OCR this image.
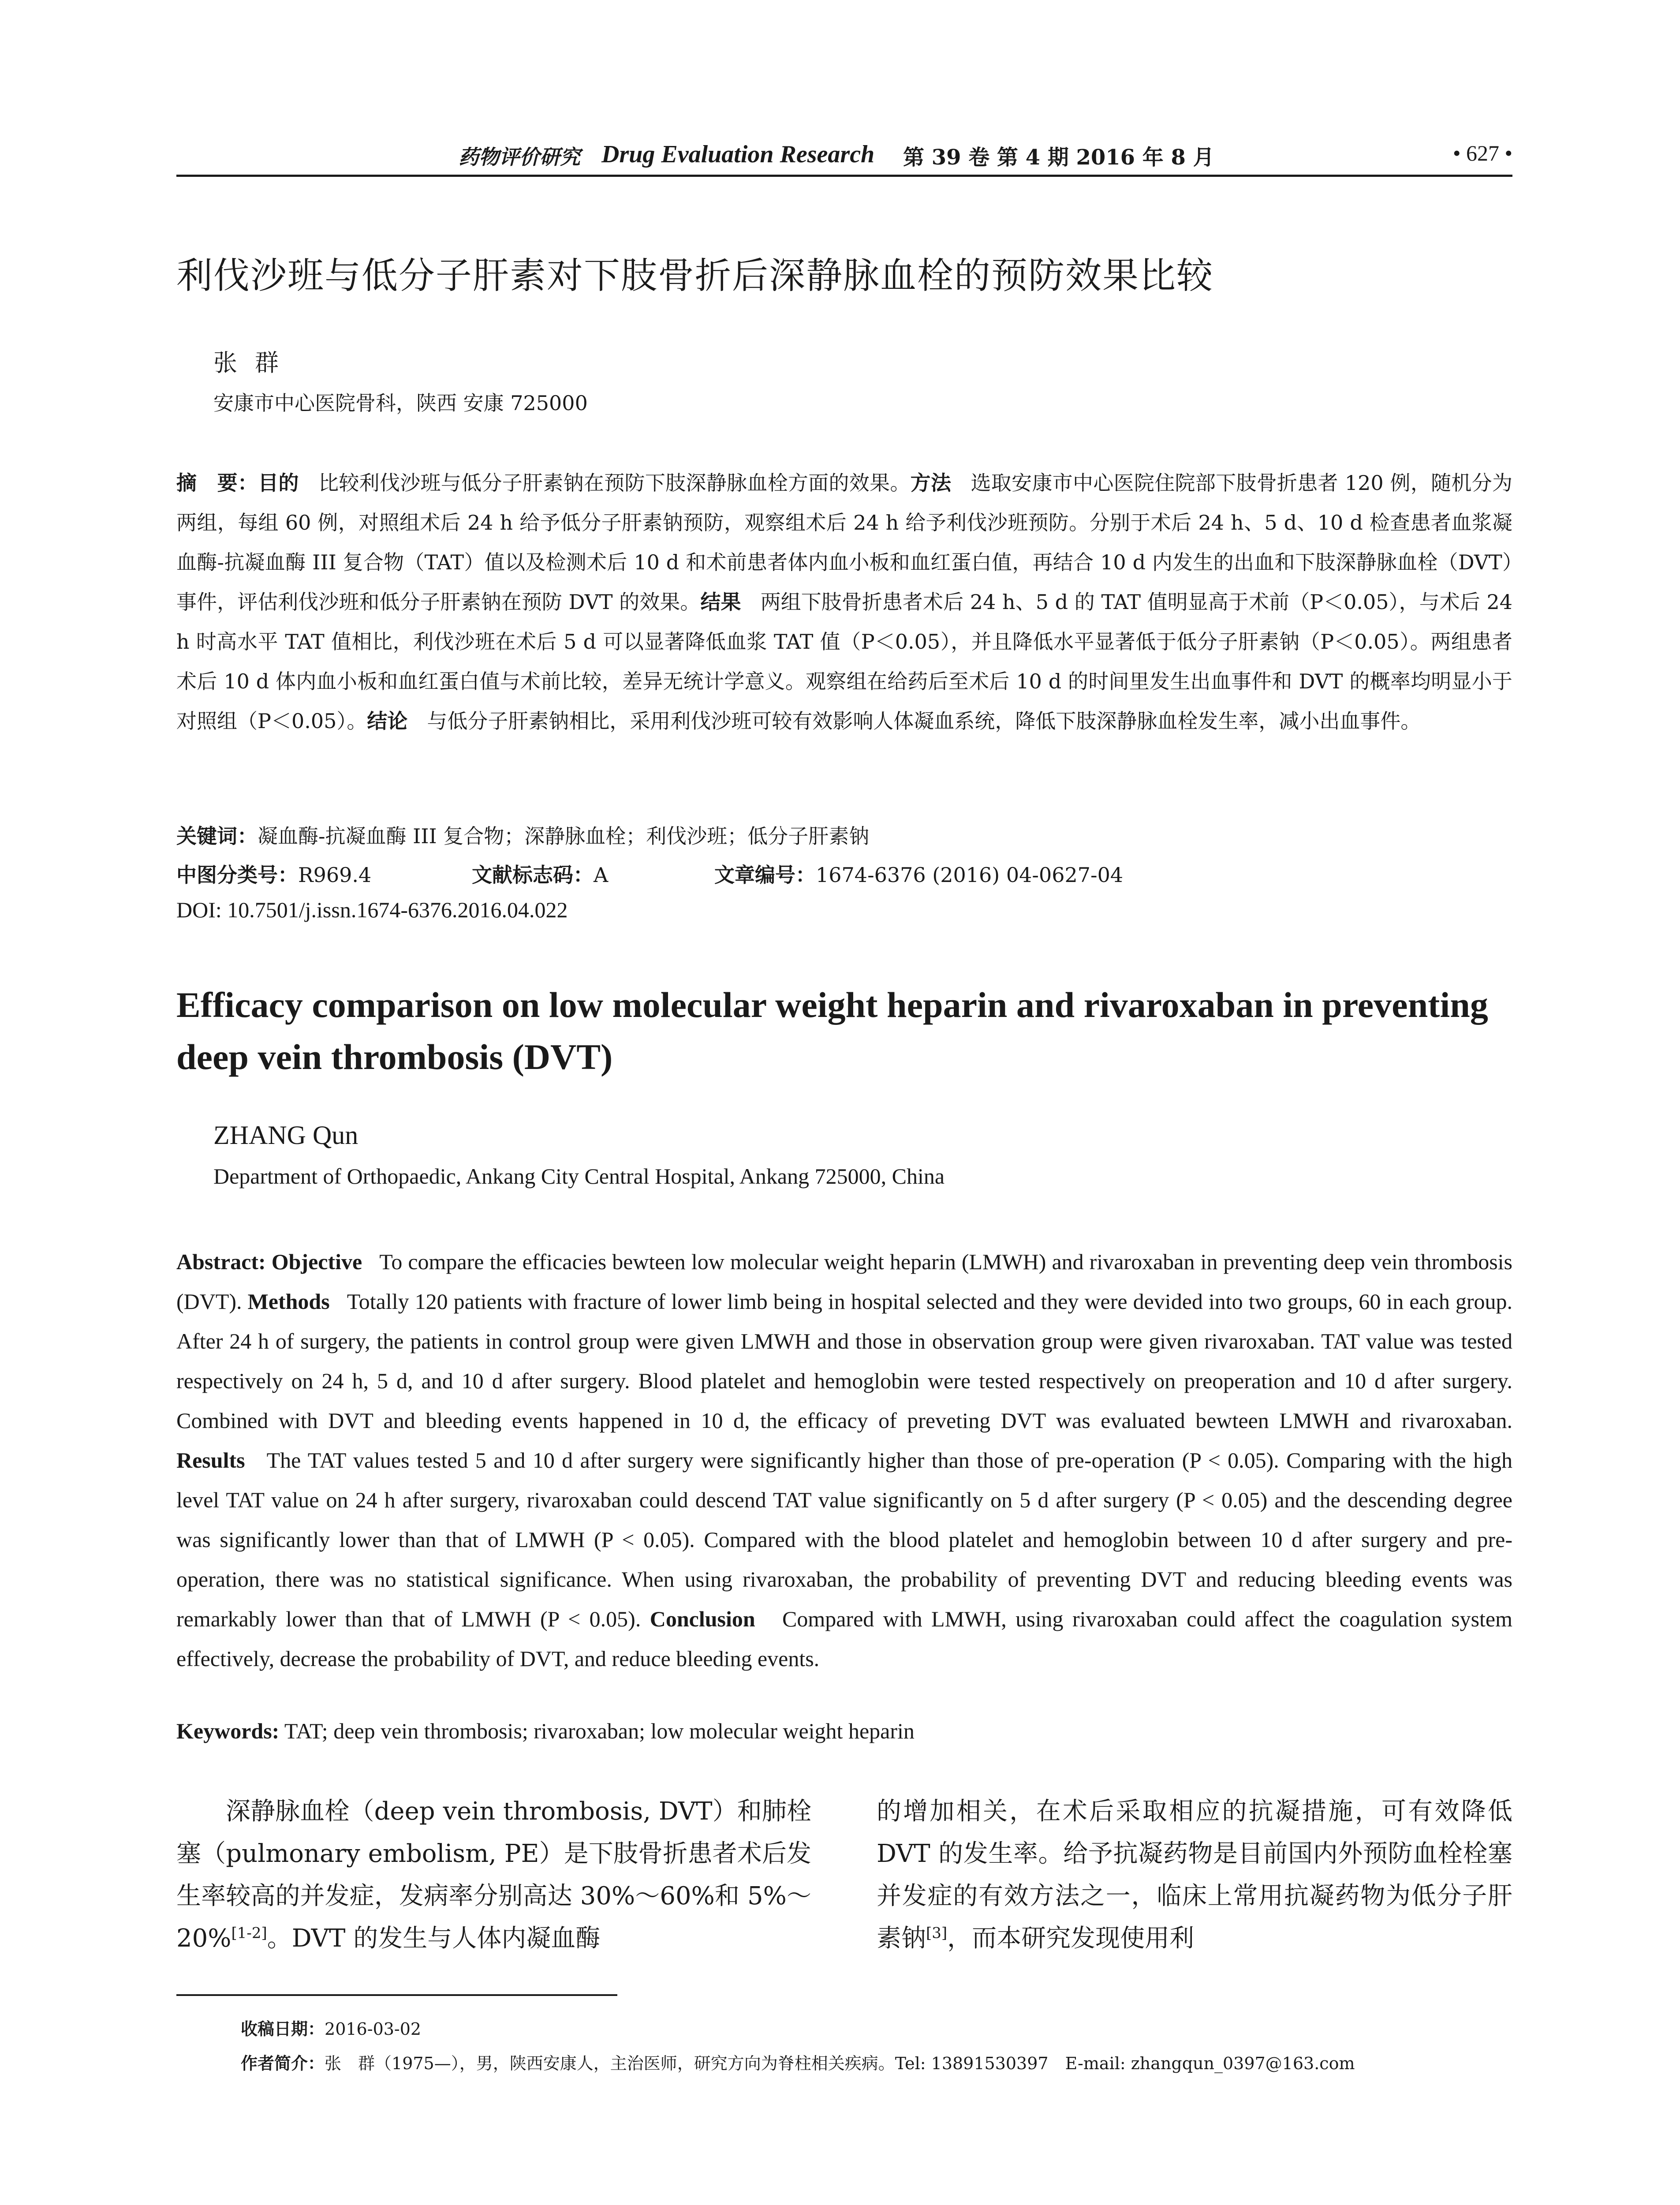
药物评价研究 Drug Evaluation Research 第 39 卷 第 4 期 2016 年 8 月	• 627 •
利伐沙班与低分子肝素对下肢骨折后深静脉血栓的预防效果比较
张群
安康市中心医院骨科，陕西 安康 725000
摘　要：目的 比较利伐沙班与低分子肝素钠在预防下肢深静脉血栓方面的效果。方法 选取安康市中心医院住院部下肢骨折患者 120 例，随机分为两组，每组 60 例，对照组术后 24 h 给予低分子肝素钠预防，观察组术后 24 h 给予利伐沙班预防。分别于术后 24 h、5 d、10 d 检查患者血浆凝血酶-抗凝血酶 III 复合物（TAT）值以及检测术后 10 d 和术前患者体内血小板和血红蛋白值，再结合 10 d 内发生的出血和下肢深静脉血栓（DVT）事件，评估利伐沙班和低分子肝素钠在预防 DVT 的效果。结果 两组下肢骨折患者术后 24 h、5 d 的 TAT 值明显高于术前（P＜0.05），与术后 24 h 时高水平 TAT 值相比，利伐沙班在术后 5 d 可以显著降低血浆 TAT 值（P＜0.05），并且降低水平显著低于低分子肝素钠（P＜0.05）。两组患者术后 10 d 体内血小板和血红蛋白值与术前比较，差异无统计学意义。观察组在给药后至术后 10 d 的时间里发生出血事件和 DVT 的概率均明显小于对照组（P＜0.05）。结论 与低分子肝素钠相比，采用利伐沙班可较有效影响人体凝血系统，降低下肢深静脉血栓发生率，减小出血事件。
关键词：凝血酶-抗凝血酶 III 复合物；深静脉血栓；利伐沙班；低分子肝素钠
中图分类号：R969.4	文献标志码：A	文章编号：1674-6376 (2016) 04-0627-04
DOI: 10.7501/j.issn.1674-6376.2016.04.022
Efficacy comparison on low molecular weight heparin and rivaroxaban in preventing deep vein thrombosis (DVT)
ZHANG Qun
Department of Orthopaedic, Ankang City Central Hospital, Ankang 725000, China
Abstract: Objective To compare the efficacies bewteen low molecular weight heparin (LMWH) and rivaroxaban in preventing deep vein thrombosis (DVT). Methods Totally 120 patients with fracture of lower limb being in hospital selected and they were devided into two groups, 60 in each group. After 24 h of surgery, the patients in control group were given LMWH and those in observation group were given rivaroxaban. TAT value was tested respectively on 24 h, 5 d, and 10 d after surgery. Blood platelet and hemoglobin were tested respectively on preoperation and 10 d after surgery. Combined with DVT and bleeding events happened in 10 d, the efficacy of preveting DVT was evaluated bewteen LMWH and rivaroxaban. Results The TAT values tested 5 and 10 d after surgery were significantly higher than those of pre-operation (P < 0.05). Comparing with the high level TAT value on 24 h after surgery, rivaroxaban could descend TAT value significantly on 5 d after surgery (P < 0.05) and the descending degree was significantly lower than that of LMWH (P < 0.05). Compared with the blood platelet and hemoglobin between 10 d after surgery and pre-operation, there was no statistical significance. When using rivaroxaban, the probability of preventing DVT and reducing bleeding events was remarkably lower than that of LMWH (P < 0.05). Conclusion Compared with LMWH, using rivaroxaban could affect the coagulation system effectively, decrease the probability of DVT, and reduce bleeding events.
Keywords: TAT; deep vein thrombosis; rivaroxaban; low molecular weight heparin
深静脉血栓（deep vein thrombosis, DVT）和肺栓塞（pulmonary embolism, PE）是下肢骨折患者术后发生率较高的并发症，发病率分别高达 30%～60%和 5%～20%[1-2]。DVT 的发生与人体内凝血酶
的增加相关，在术后采取相应的抗凝措施，可有效降低 DVT 的发生率。给予抗凝药物是目前国内外预防血栓栓塞并发症的有效方法之一，临床上常用抗凝药物为低分子肝素钠[3]，而本研究发现使用利
收稿日期：2016-03-02
作者简介：张　群（1975—），男，陕西安康人，主治医师，研究方向为脊柱相关疾病。Tel: 13891530397　E-mail: zhangqun_0397@163.com
